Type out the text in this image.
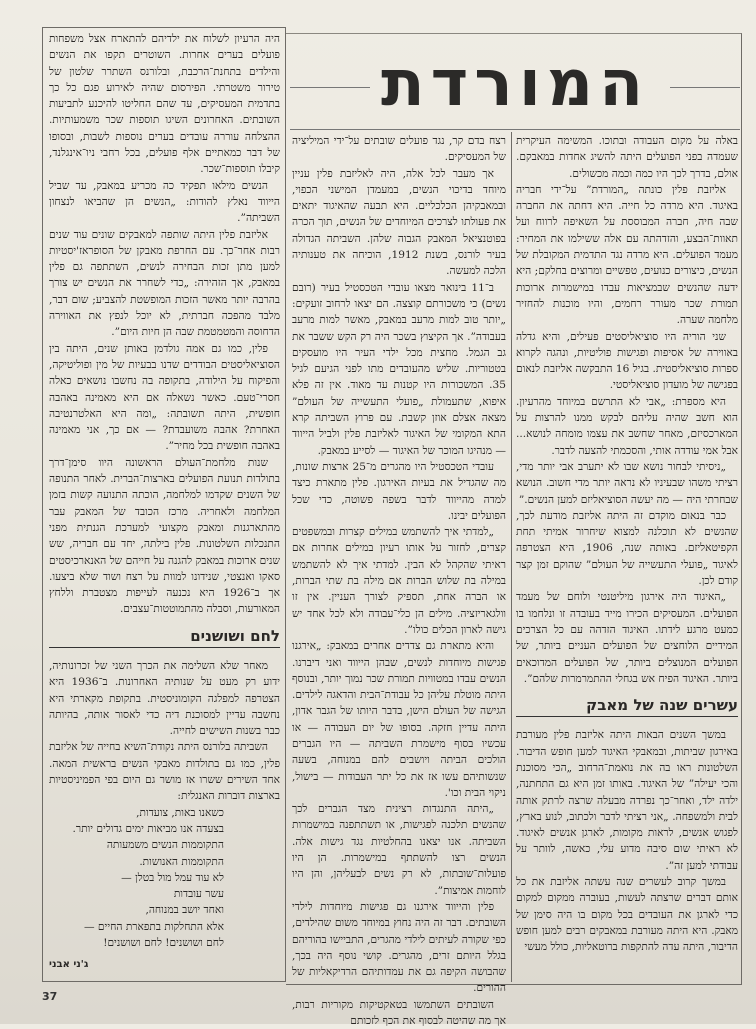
המורדת

באלה על מקום העבודה ובתוכו. המשימה העיקרית שעמדה בפני הפועלים היתה להשיג אחדות במאבקם. אולם, בדרך לכך היו כמה וכמה מכשולים.

אליזבת פלין כונתה „המורדת” על־ידי חבריה באיגוד. היא מרדה כל חייה. היא דחתה את החברה שבה חיה, חברה המבוססת על השאיפה לרווח ועל תאוות־הבצע, והזדהתה עם אלה ששילמו את המחיר: מעמד הפועלים. היא מרדה נגד התדמית המקובלת של הנשים, כיצורים כנועים, טפשיים ומרוצים בחלקם; היא ידעה שהנשים שבמציאות עבדו במישמרות ארוכות תמורת שכר מעורר רחמים, והיו מוכנות להחזיר מלחמה שערה.

שני הוריה היו סוציאליסטים פעילים, והיא גדלה באווירה של אסיפות ופגישות פוליטיות, ונהגה לקרוא ספרות סוציאליסטית. בגיל 16 התבקשה אליזבת לנאום בפגישה של מועדון סוציאליסטי.

היא מספרת: „אבי לא התרשם במיוחד מהרעיון. הוא חשב שהיה עליהם לבקש ממנו להרצות על המארכסיזם, מאחר שחשב את עצמו מומחה לנושא... אבל אמי עודדה אותי, והסכמתי להצעה לדבר.

„ניסיתי לבחור נושא שבו לא יתערב אבי יותר מדי, רציתי משהו שבעיניו לא נראה יותר מדי חשוב. הנושא שבחרתי היה — מה יעשה הסוציאליזם למען הנשים.”

כבר בנאום מוקדם זה היתה אליזבת מודעת לכך, שהנשים לא תוכלנה למצוא שיחרור אמיתי תחת הקפיטאליזם. באותה שנה, 1906, היא הצטרפה לאיגוד „פועלי התעשייה של העולם” שהוקם זמן קצר קודם לכן.

„האיגוד היה אירגון מיליטנטי ולוחם של מעמד הפועלים. המעסיקים הכירו מייד בעובדה זו ונלחמו בו כמעט מרגע לידתו. האיגוד הזדהה עם כל הצרכים המידיים הלוחצים של הפועלים העניים ביותר, של הפועלים המנוצלים ביותר, של הפועלים המדוכאים ביותר. האיגוד הפיח אש בגחלי ההתמרמרות שלהם”.

עשרים שנה של מאבק

במשך השנים הבאות היתה אליזבת פלין מעורבת באירגון שביתות, ובמאבקי האיגוד למען חופש הדיבור. השלטונות ראו בה את נואמת־הרחוב „הכי מסוכנת והכי יעילה” של האיגוד. באותו זמן היא גם התחתנה, ילדה ילד, ואחר־כך נפרדה מבעלה שרצה לרתק אותה לבית ולמשפחה. „אני רציתי לדבר ולכתוב, לנוע בארץ, לפגוש אנשים, לראות מקומות, לארגן אנשים לאיגוד. לא ראיתי שום סיבה מדוע עלי, כאשה, לוותר על עבודתי למען זה”.

במשך קרוב לעשרים שנה עשתה אליזבת את כל אותם דברים שרצתה לעשות, בעוברה ממקום למקום כדי לארגן את העובדים בכל מקום בו היה סימן של מאבק. היא היתה מעורבת במאבקים רבים למען חופש הדיבור, היתה עדה להתקפות ברוטאליות, כולל מעשי

רצח בדם קר, נגד פועלים שובתים על־ידי המיליציה של המעסיקים.

אך מעבר לכל אלה, היה לאליזבת פלין עניין מיוחד בדיכוי הנשים, במעמדן המישני הכפוי, ובמאבקיהן הכלכליים. היא תבעה שהאיגוד יתאים את פעולתו לצרכים המיוחדים של הנשים, תוך הכרה בפוטנציאל המאבק הגבוה שלהן. השביתה הגדולה בעיר לורנס, בשנת 1912, הוכיחה את טענותיה הלכה למעשה.

ב־11 בינואר מצאו עובדי הטכסטיל בעיר (רובם נשים) כי משכורתם קוצצה. הם יצאו לרחוב זועקים: „יותר טוב למות מרעב במאבק, מאשר למות מרעב בעבודה”. אך הקיצוץ בשכר היה רק הקש ששבר את גב הגמל. מחצית מכל ילדי העיר היו מועסקים בטטוריות. שליש מהעובדים מתו לפני הגיעם לגיל 35. המשכורות היו קטנות עד מאוד. אין זה פלא איפוא, שתעמולת „פועלי התעשייה של העולם” מצאה אצלם אוזן קשבת. עם פרוץ השביתה קרא התא המקומי של האיגוד לאליזבת פלין ולביל הייווד — מנהיגו המוכר של האיגוד — לסייע במאבק.

עובדי הטכסטיל היו מהגרים מ־25 ארצות שונות, מה שהגדיל את בעיות האירגון. פלין מתארת כיצד למדה מהייווד לדבר בשפה פשוטה, כדי שכל הפועלים יבינו.

„למדתי איך להשתמש במילים קצרות ובמשפטים קצרים, לחזור על אותו רעיון במילים אחרות אם ראיתי שהקהל לא הבין. למדתי איך לא להשתמש במילה בת שלוש הברות אם מילה בת שתי הברות, או הברה אחת, תספיק לצורך העניין. אין זו וולגאריזציה. מילים הן כלי־עבודה ולא לכל אחד יש גישה לארון הכלים כולו”.

והיא מתארת גם צדדים אחרים במאבק: „אירגנו פגישות מיוחדות לנשים, שבהן הייווד ואני דיברנו. הנשים עבדו במטוויות תמורת שכר נמוך יותר, ובנוסף היתה מוטלת עליהן כל עבודת־הבית והדאגה לילדים. הגישה של העולם הישן, בדבר היותו של הגבר אדון, היתה עדיין חזקה. בסופו של יום העבודה — או עכשיו בסוף מישמרת השביתה — היו הגברים הולכים הביתה ויושבים להם במנוחה, בשעה שנשותיהם עשו אז את כל יתר העבודות — בישול, ניקוי הבית וכו'.

„היתה התנגדות רצינית מצד הגברים לכך שהנשים תלכנה לפגישות, או תשתתפנה במישמרות השביתה. אנו יצאנו בהחלטיות נגד גישות אלה. הנשים רצו להשתתף במישמרות. הן היו פועלות־שובתות, לא רק נשים לבעליהן, והן היו לוחמות אמיצות”.

פלין והייווד אירגנו גם פגישות מיוחדות לילדי השובתים. דבר זה היה נחוץ במיוחד משום שהילדים, כפי שקורה לעיתים לילדי מהגרים, התביישו בהוריהם בגלל היותם זרים, מהגרים. קושי נוסף היה בכך, שהבושה הקיפה גם את עמדותיהם הרדיקאליות של ההורים.

השובתים השתמשו בטאקטיקות מקוריות רבות, אך מה שהיטה לבסוף את הכף לזכותם

היה הרעיון לשלוח את ילדיהם להתארח אצל משפחות פועלים בערים אחרות. השוטרים תקפו את הנשים והילדים בתחנת־הרכבת, ובלורנס השתרר שלטון של טירור משטרתי. הפירסום שהיה לאירוע פגם כל כך בתדמית המעסיקים, עד שהם החליטו להיכנע לתביעות השובתים. האחרונים השיגו תוספות שכר משמעותיות. ההצלחה עוררה עובדים בערים נוספות לשבות, ובסופו של דבר כמאתיים אלף פועלים, בכל רחבי ניו־אינגלנד, קיבלו תוספות־שכר.

הנשים מילאו תפקיד כה מכריע במאבק, עד שביל הייווד נאלץ להודות: „הנשים הן שהביאו לנצחון השביתה”.

אליזבת פלין היתה שותפה למאבקים שונים עוד שנים רבות אחר־כך. עם החרפת מאבקן של הסופראז'יסטיות למען מתן זכות הבחירה לנשים, השתתפה גם פלין במאבק, אך הזהירה: „כדי לשחרר את הנשים יש צורך בהרבה יותר מאשר הזכות המופשטת להצביע; שום דבר, מלבד מהפכה חברתית, לא יוכל לנפץ את האווירה הדחוסה והמטמטמת שבה הן חיות היום”.

פלין, כמו גם אמה גולדמן באותן שנים, היתה בין הסוציאליסטים הבודדים שדנו בבעיות של מין ופוליטיקה, והפיקוח על הילודה, בתקופה בה נחשבו נושאים כאלה חסרי־טעם. כאשר נשאלה אם היא מאמינה באהבה חופשית, היתה תשובתה: „ומה היא האלטרנטיבה האחרת? אהבה משועבדת? — אם כך, אני מאמינה באהבה חופשית בכל מחיר”.

שנות מלחמת־העולם הראשונה היוו סימן־דרך בתולדות תנועת הפועלים בארצות־הברית. לאחר התנופה של השנים שקדמו למלחמה, הוכתה התנועה קשות בזמן המלחמה ולאחריה. מרכז הכובד של המאבק עבר מהתארגנות ומאבק מקצועי למערכת הגנתית מפני התנכלות השלטונות. פלין בילתה, יחד עם חבריה, שש שנים ארוכות במאבק להגנה על חייהם של האנארכיסטים סאקו ואנצטי, שנידונו למוות על רצח ושוד שלא ביצעו. אך ב־1926 היא נכנעה לעייפות מצטברת וללחץ המאורעות, וסבלה מהתמוטטות־עצבים.

לחם ושושנים

מאחר שלא השלימה את הכרך השני של זכרונותיה, ידוע רק מעט על שנותיה האחרונות. ב־1936 היא הצטרפה למפלגה הקומוניסטית. בתקופת מקארתי היא נחשבה עדיין למסוכנת דיה כדי לאסור אותה, בהיותה כבר בשנות השישים לחייה.

השביתה בלורנס היתה נקודת־השיא בחייה של אליזבת פלין, כמו גם בתולדות מאבקי הנשים בראשית המאה. אחד השירים ששרו אז מושר גם היום בפי הפמיניסטיות בארצות דוברות האנגלית:

כשאנו באות, צועדות,

בצעדה אנו מביאות ימים גדולים יותר.

התקוממות הנשים משמעותה

התקוממות האנושות.

לא עוד עמל מול בטלן —

עשר עובדות

ואחד יושב במנוחה,

אלא התחלקות בתפארת החיים —

לחם ושושנים! לחם ושושנים!

ג'ני אבני
37
